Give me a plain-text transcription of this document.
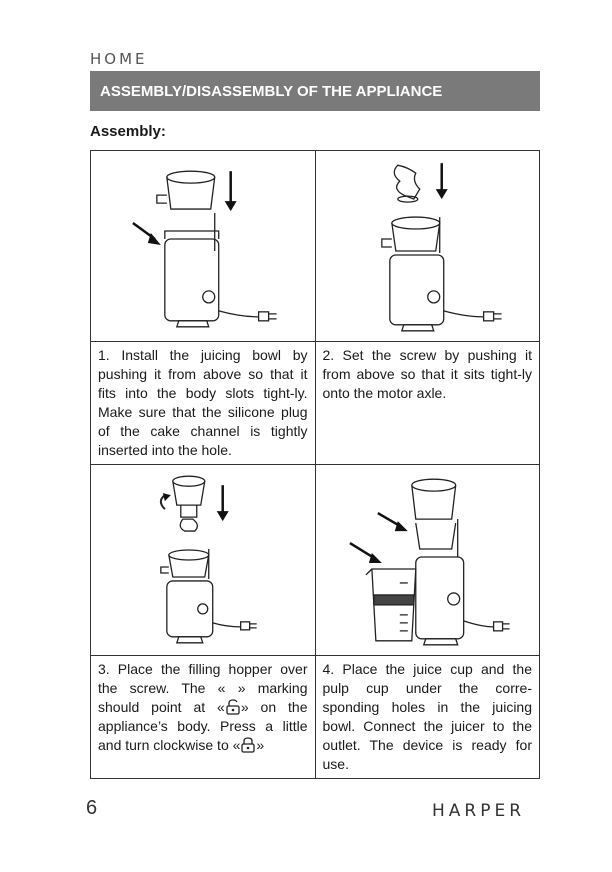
HOME
ASSEMBLY/DISASSEMBLY OF THE APPLIANCE
Assembly:

1. Install the juicing bowl by pushing it from above so that it fits into the body slots tight-ly. Make sure that the silicone plug of the cake channel is tightly inserted into the hole.	2. Set the screw by pushing it from above so that it sits tight-ly onto the motor axle.

3. Place the filling hopper over the screw. The « » marking should point at « » on the appliance’s body. Press a little and turn clockwise to « »	4. Place the juice cup and the pulp cup under the corre-sponding holes in the juicing bowl. Connect the juicer to the outlet. The device is ready for use.
6	HARPER
